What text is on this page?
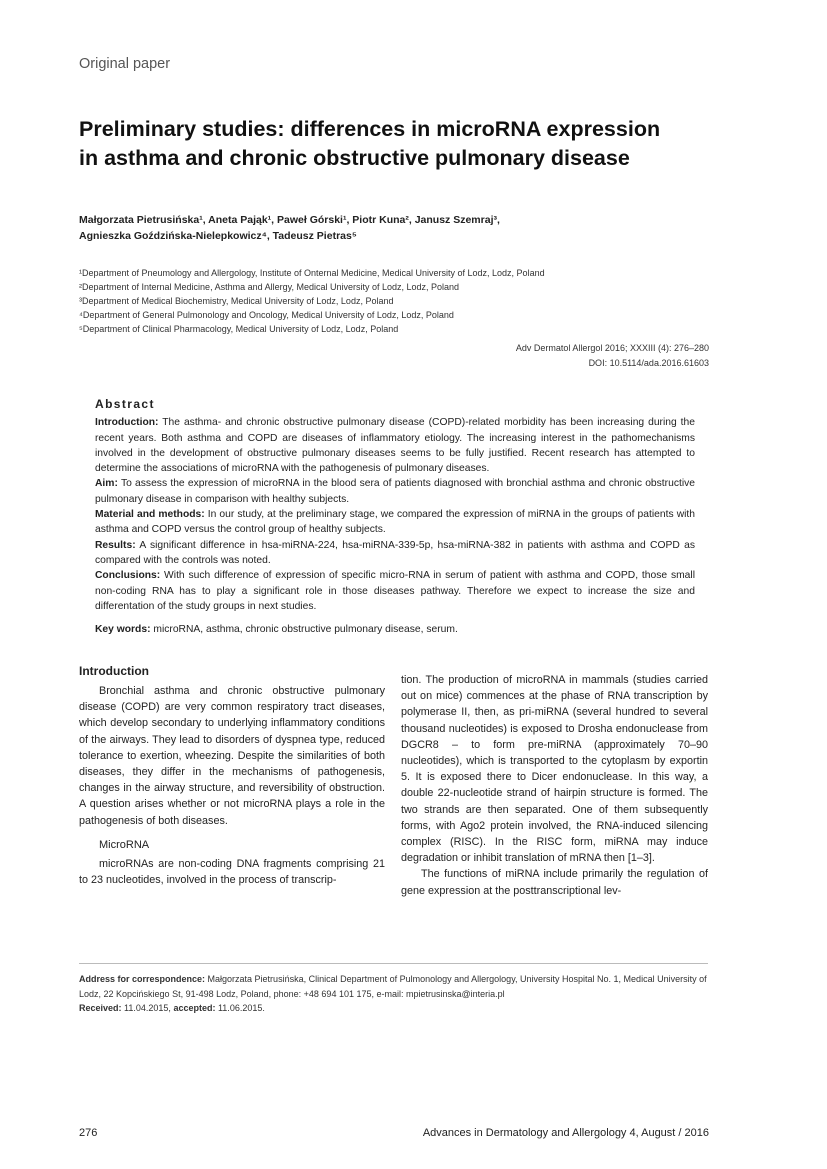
Original paper
Preliminary studies: differences in microRNA expression
in asthma and chronic obstructive pulmonary disease
Małgorzata Pietrusińska¹, Aneta Pająk¹, Paweł Górski¹, Piotr Kuna², Janusz Szemraj³,
Agnieszka Goździńska-Nielepkowicz⁴, Tadeusz Pietras⁵
¹Department of Pneumology and Allergology, Institute of Onternal Medicine, Medical University of Lodz, Lodz, Poland
²Department of Internal Medicine, Asthma and Allergy, Medical University of Lodz, Lodz, Poland
³Department of Medical Biochemistry, Medical University of Lodz, Lodz, Poland
⁴Department of General Pulmonology and Oncology, Medical University of Lodz, Lodz, Poland
⁵Department of Clinical Pharmacology, Medical University of Lodz, Lodz, Poland
Adv Dermatol Allergol 2016; XXXIII (4): 276–280
DOI: 10.5114/ada.2016.61603
Abstract

Introduction: The asthma- and chronic obstructive pulmonary disease (COPD)-related morbidity has been increasing during the recent years. Both asthma and COPD are diseases of inflammatory etiology. The increasing interest in the pathomechanisms involved in the development of obstructive pulmonary diseases seems to be fully justified. Recent research has attempted to determine the associations of microRNA with the pathogenesis of pulmonary diseases.

Aim: To assess the expression of microRNA in the blood sera of patients diagnosed with bronchial asthma and chronic obstructive pulmonary disease in comparison with healthy subjects.

Material and methods: In our study, at the preliminary stage, we compared the expression of miRNA in the groups of patients with asthma and COPD versus the control group of healthy subjects.

Results: A significant difference in hsa-miRNA-224, hsa-miRNA-339-5p, hsa-miRNA-382 in patients with asthma and COPD as compared with the controls was noted.

Conclusions: With such difference of expression of specific micro-RNA in serum of patient with asthma and COPD, those small non-coding RNA has to play a significant role in those diseases pathway. Therefore we expect to increase the size and differentation of the study groups in next studies.

Key words: microRNA, asthma, chronic obstructive pulmonary disease, serum.

Introduction

Bronchial asthma and chronic obstructive pulmonary disease (COPD) are very common respiratory tract diseases, which develop secondary to underlying inflammatory conditions of the airways. They lead to disorders of dyspnea type, reduced tolerance to exertion, wheezing. Despite the similarities of both diseases, they differ in the mechanisms of pathogenesis, changes in the airway structure, and reversibility of obstruction. A question arises whether or not microRNA plays a role in the pathogenesis of both diseases.

MicroRNA

microRNAs are non-coding DNA fragments comprising 21 to 23 nucleotides, involved in the process of transcrip-

tion. The production of microRNA in mammals (studies carried out on mice) commences at the phase of RNA transcription by polymerase II, then, as pri-miRNA (several hundred to several thousand nucleotides) is exposed to Drosha endonuclease from DGCR8 – to form pre-miRNA (approximately 70–90 nucleotides), which is transported to the cytoplasm by exportin 5. It is exposed there to Dicer endonuclease. In this way, a double 22-nucleotide strand of hairpin structure is formed. The two strands are then separated. One of them subsequently forms, with Ago2 protein involved, the RNA-induced silencing complex (RISC). In the RISC form, miRNA may induce degradation or inhibit translation of mRNA then [1–3].

The functions of miRNA include primarily the regulation of gene expression at the posttranscriptional lev-

Address for correspondence: Małgorzata Pietrusińska, Clinical Department of Pulmonology and Allergology, University Hospital No. 1, Medical University of Lodz, 22 Kopcińskiego St, 91-498 Lodz, Poland, phone: +48 694 101 175, e-mail: mpietrusinska@interia.pl
Received: 11.04.2015, accepted: 11.06.2015.
276	Advances in Dermatology and Allergology 4, August / 2016
